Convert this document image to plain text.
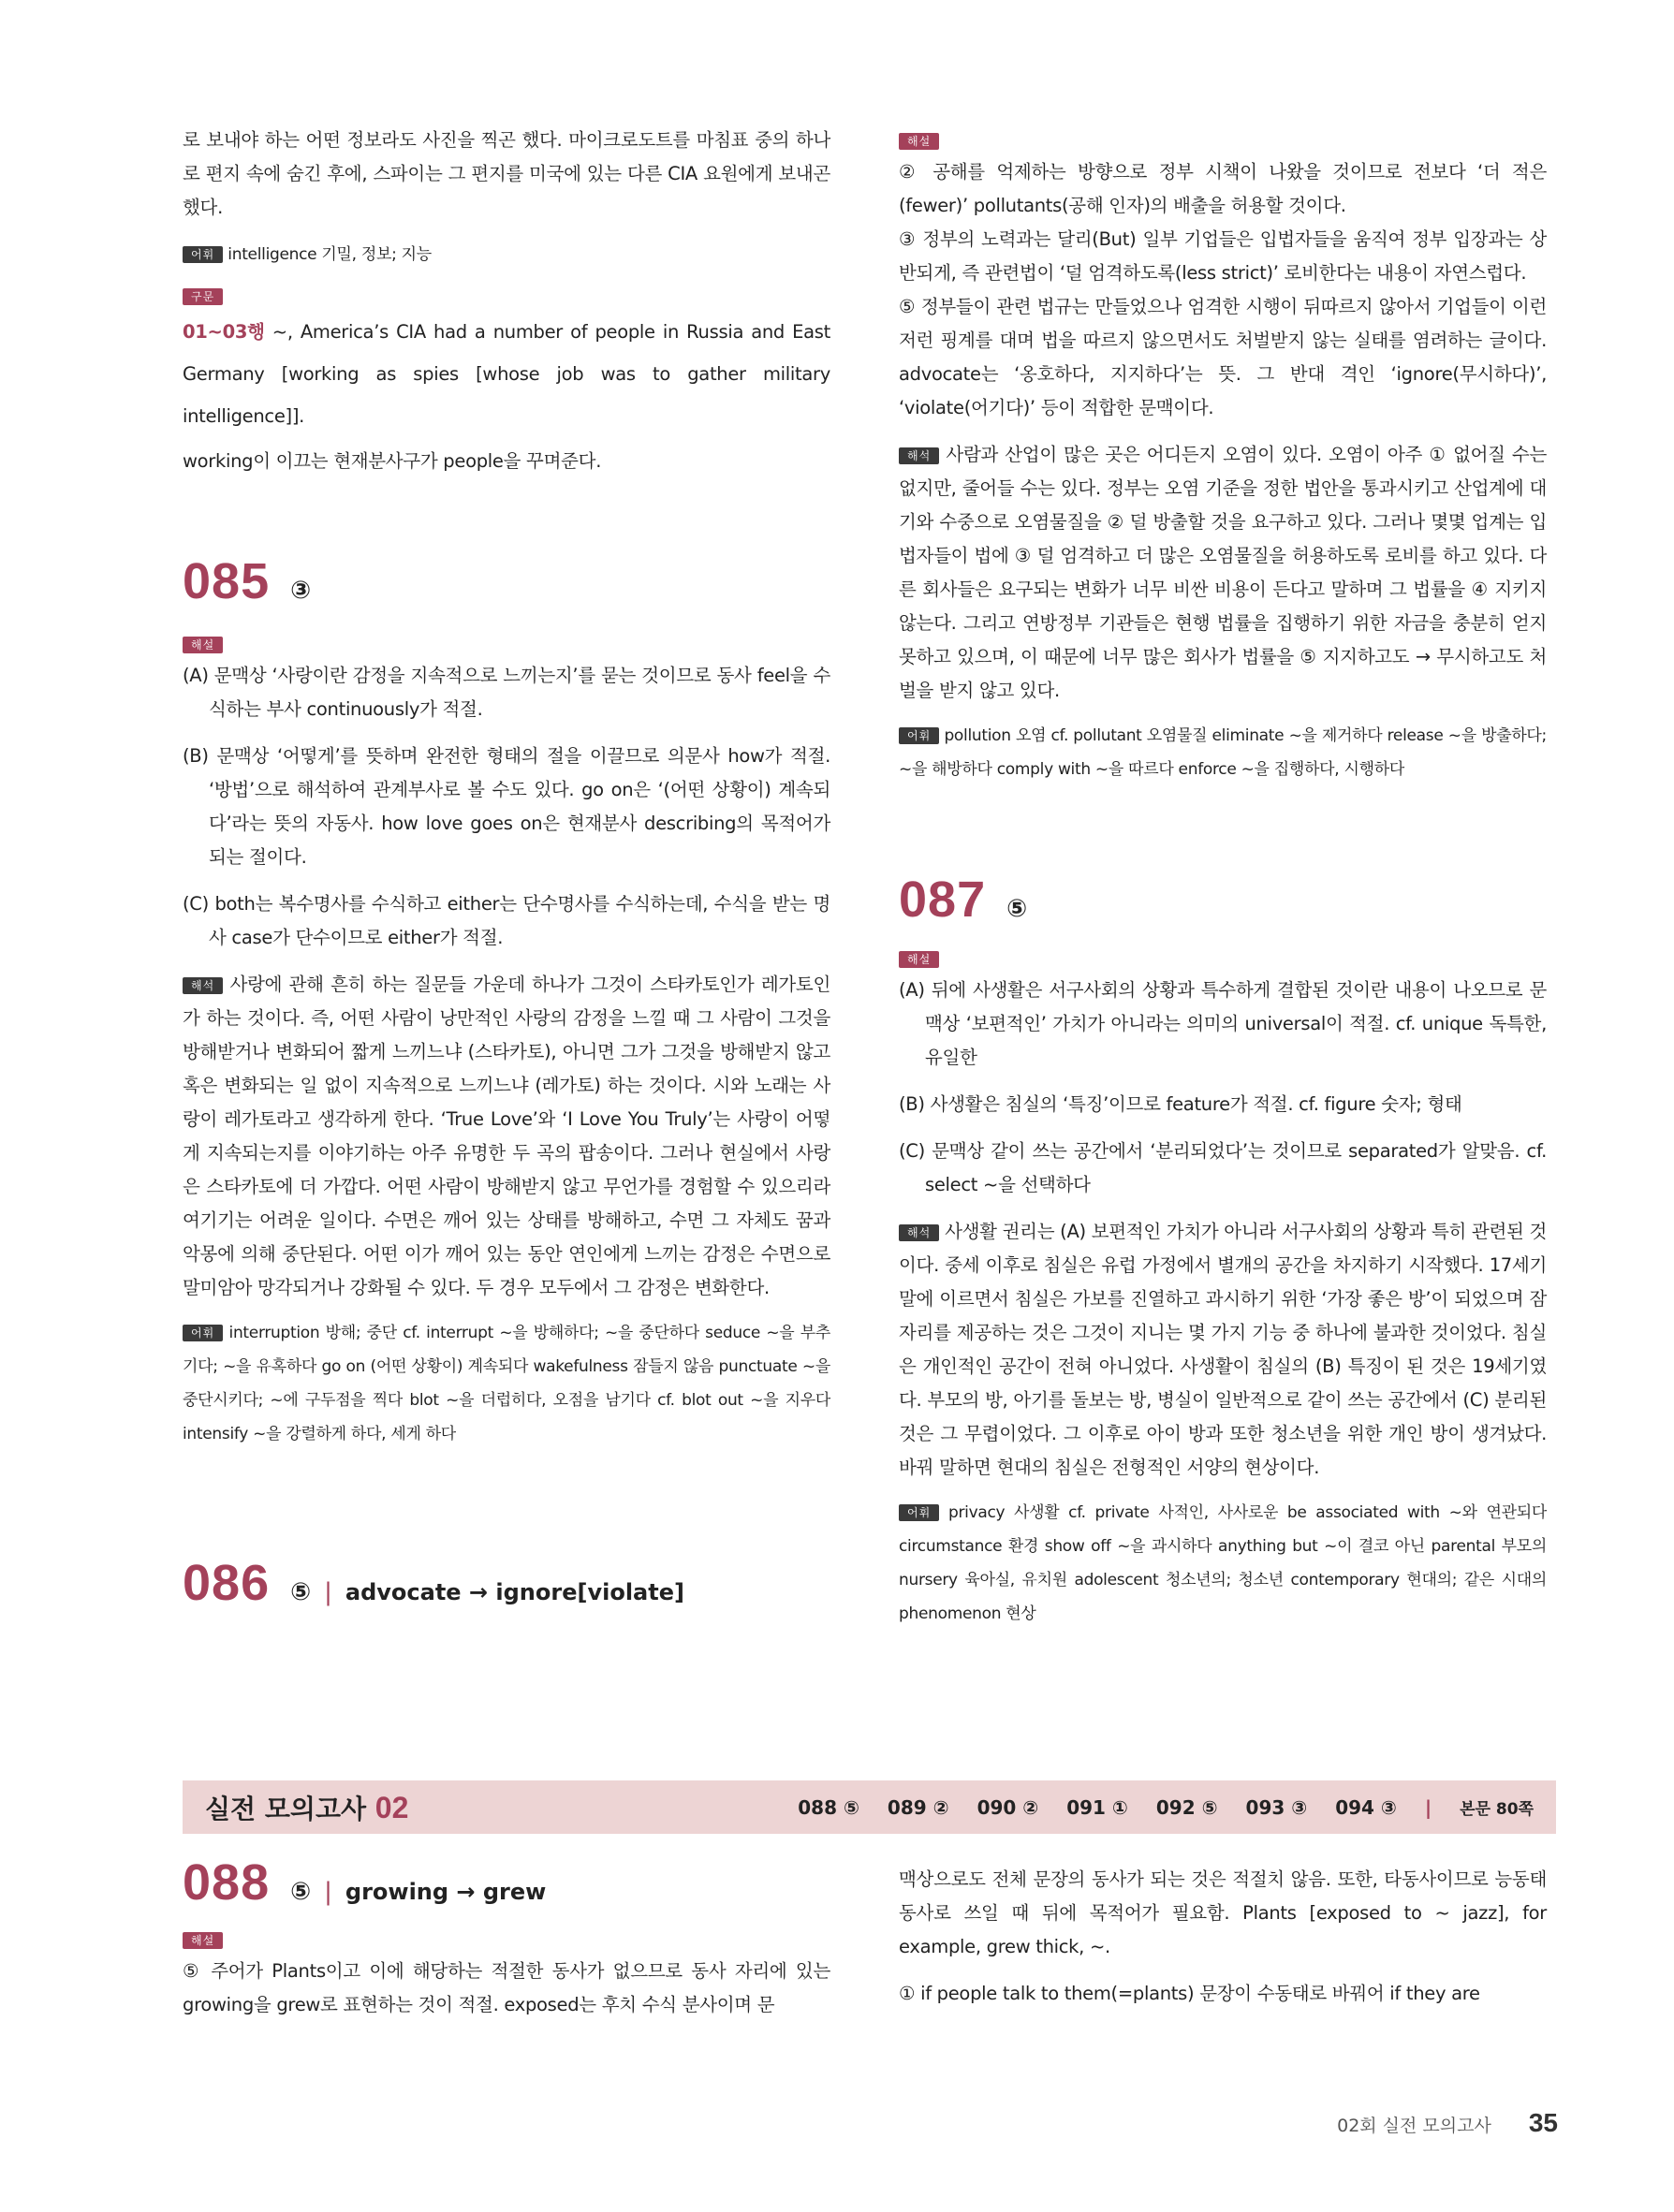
로 보내야 하는 어떤 정보라도 사진을 찍곤 했다. 마이크로도트를 마침표 중의 하나로 편지 속에 숨긴 후에, 스파이는 그 편지를 미국에 있는 다른 CIA 요원에게 보내곤 했다.

어휘 intelligence 기밀, 정보; 지능

구문

01~03행 ~, America’s CIA had a number of people in Russia and East Germany [working as spies [whose job was to gather military intelligence]].

working이 이끄는 현재분사구가 people을 꾸며준다.

085 ③
해설

(A) 문맥상 ‘사랑이란 감정을 지속적으로 느끼는지’를 묻는 것이므로 동사 feel을 수식하는 부사 continuously가 적절.

(B) 문맥상 ‘어떻게’를 뜻하며 완전한 형태의 절을 이끌므로 의문사 how가 적절. ‘방법’으로 해석하여 관계부사로 볼 수도 있다. go on은 ‘(어떤 상황이) 계속되다’라는 뜻의 자동사. how love goes on은 현재분사 describing의 목적어가 되는 절이다.

(C) both는 복수명사를 수식하고 either는 단수명사를 수식하는데, 수식을 받는 명사 case가 단수이므로 either가 적절.

해석 사랑에 관해 흔히 하는 질문들 가운데 하나가 그것이 스타카토인가 레가토인가 하는 것이다. 즉, 어떤 사람이 낭만적인 사랑의 감정을 느낄 때 그 사람이 그것을 방해받거나 변화되어 짧게 느끼느냐 (스타카토), 아니면 그가 그것을 방해받지 않고 혹은 변화되는 일 없이 지속적으로 느끼느냐 (레가토) 하는 것이다. 시와 노래는 사랑이 레가토라고 생각하게 한다. ‘True Love’와 ‘I Love You Truly’는 사랑이 어떻게 지속되는지를 이야기하는 아주 유명한 두 곡의 팝송이다. 그러나 현실에서 사랑은 스타카토에 더 가깝다. 어떤 사람이 방해받지 않고 무언가를 경험할 수 있으리라 여기기는 어려운 일이다. 수면은 깨어 있는 상태를 방해하고, 수면 그 자체도 꿈과 악몽에 의해 중단된다. 어떤 이가 깨어 있는 동안 연인에게 느끼는 감정은 수면으로 말미암아 망각되거나 강화될 수 있다. 두 경우 모두에서 그 감정은 변화한다.

어휘 interruption 방해; 중단 cf. interrupt ~을 방해하다; ~을 중단하다 seduce ~을 부추기다; ~을 유혹하다 go on (어떤 상황이) 계속되다 wakefulness 잠들지 않음 punctuate ~을 중단시키다; ~에 구두점을 찍다 blot ~을 더럽히다, 오점을 남기다 cf. blot out ~을 지우다 intensify ~을 강렬하게 하다, 세게 하다

086 ⑤ | advocate → ignore[violate]
해설

② 공해를 억제하는 방향으로 정부 시책이 나왔을 것이므로 전보다 ‘더 적은(fewer)’ pollutants(공해 인자)의 배출을 허용할 것이다.

③ 정부의 노력과는 달리(But) 일부 기업들은 입법자들을 움직여 정부 입장과는 상반되게, 즉 관련법이 ‘덜 엄격하도록(less strict)’ 로비한다는 내용이 자연스럽다.

⑤ 정부들이 관련 법규는 만들었으나 엄격한 시행이 뒤따르지 않아서 기업들이 이런저런 핑계를 대며 법을 따르지 않으면서도 처벌받지 않는 실태를 염려하는 글이다. advocate는 ‘옹호하다, 지지하다’는 뜻. 그 반대 격인 ‘ignore(무시하다)’, ‘violate(어기다)’ 등이 적합한 문맥이다.

해석 사람과 산업이 많은 곳은 어디든지 오염이 있다. 오염이 아주 ① 없어질 수는 없지만, 줄어들 수는 있다. 정부는 오염 기준을 정한 법안을 통과시키고 산업계에 대기와 수중으로 오염물질을 ② 덜 방출할 것을 요구하고 있다. 그러나 몇몇 업계는 입법자들이 법에 ③ 덜 엄격하고 더 많은 오염물질을 허용하도록 로비를 하고 있다. 다른 회사들은 요구되는 변화가 너무 비싼 비용이 든다고 말하며 그 법률을 ④ 지키지 않는다. 그리고 연방정부 기관들은 현행 법률을 집행하기 위한 자금을 충분히 얻지 못하고 있으며, 이 때문에 너무 많은 회사가 법률을 ⑤ 지지하고도 → 무시하고도 처벌을 받지 않고 있다.

어휘 pollution 오염 cf. pollutant 오염물질 eliminate ~을 제거하다 release ~을 방출하다; ~을 해방하다 comply with ~을 따르다 enforce ~을 집행하다, 시행하다

087 ⑤
해설

(A) 뒤에 사생활은 서구사회의 상황과 특수하게 결합된 것이란 내용이 나오므로 문맥상 ‘보편적인’ 가치가 아니라는 의미의 universal이 적절. cf. unique 독특한, 유일한

(B) 사생활은 침실의 ‘특징’이므로 feature가 적절. cf. figure 숫자; 형태

(C) 문맥상 같이 쓰는 공간에서 ‘분리되었다’는 것이므로 separated가 알맞음. cf. select ~을 선택하다

해석 사생활 권리는 (A) 보편적인 가치가 아니라 서구사회의 상황과 특히 관련된 것이다. 중세 이후로 침실은 유럽 가정에서 별개의 공간을 차지하기 시작했다. 17세기 말에 이르면서 침실은 가보를 진열하고 과시하기 위한 ‘가장 좋은 방’이 되었으며 잠자리를 제공하는 것은 그것이 지니는 몇 가지 기능 중 하나에 불과한 것이었다. 침실은 개인적인 공간이 전혀 아니었다. 사생활이 침실의 (B) 특징이 된 것은 19세기였다. 부모의 방, 아기를 돌보는 방, 병실이 일반적으로 같이 쓰는 공간에서 (C) 분리된 것은 그 무렵이었다. 그 이후로 아이 방과 또한 청소년을 위한 개인 방이 생겨났다. 바꿔 말하면 현대의 침실은 전형적인 서양의 현상이다.

어휘 privacy 사생활 cf. private 사적인, 사사로운 be associated with ~와 연관되다 circumstance 환경 show off ~을 과시하다 anything but ~이 결코 아닌 parental 부모의 nursery 육아실, 유치원 adolescent 청소년의; 청소년 contemporary 현대의; 같은 시대의 phenomenon 현상

실전 모의고사 02	088 ⑤ 089 ② 090 ② 091 ① 092 ⑤ 093 ③ 094 ③ | 본문 80쪽
088 ⑤ | growing → grew
해설

⑤ 주어가 Plants이고 이에 해당하는 적절한 동사가 없으므로 동사 자리에 있는 growing을 grew로 표현하는 것이 적절. exposed는 후치 수식 분사이며 문

맥상으로도 전체 문장의 동사가 되는 것은 적절치 않음. 또한, 타동사이므로 능동태 동사로 쓰일 때 뒤에 목적어가 필요함. Plants [exposed to ~ jazz], for example, grew thick, ~.

① if people talk to them(=plants) 문장이 수동태로 바꿔어 if they are

02회 실전 모의고사 35
